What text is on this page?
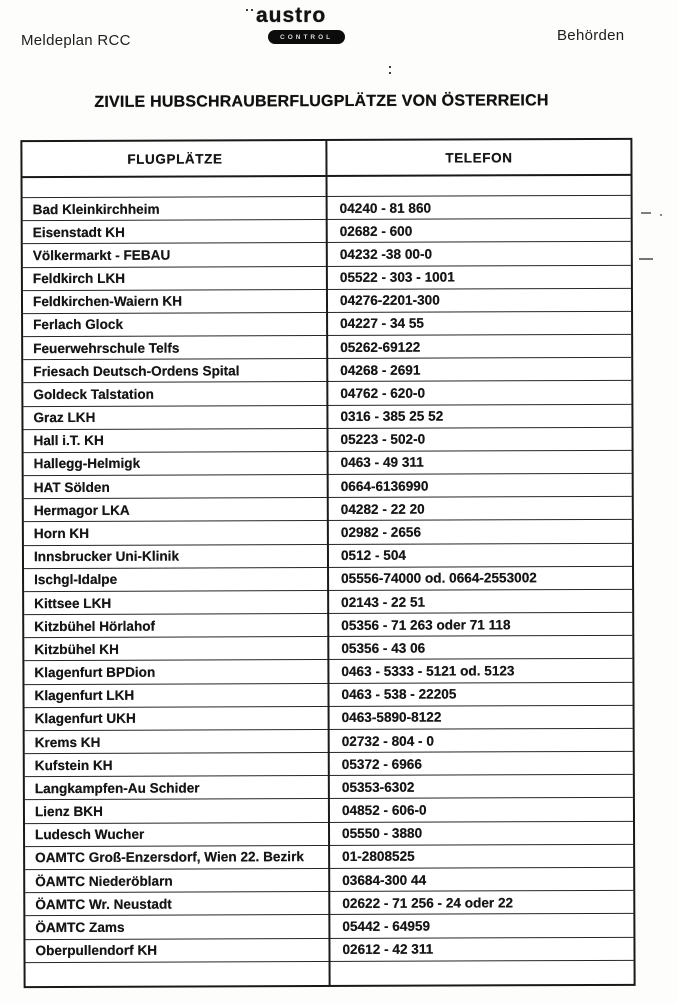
Meldeplan RCC
austro
CONTROL	Behörden
ZIVILE HUBSCHRAUBERFLUGPLÄTZE VON ÖSTERREICH
FLUGPLÄTZE	TELEFON
Bad Kleinkirchheim	04240 - 81 860
Eisenstadt KH	02682 - 600
Völkermarkt - FEBAU	04232 -38 00-0
Feldkirch LKH	05522 - 303 - 1001
Feldkirchen-Waiern KH	04276-2201-300
Ferlach Glock	04227 - 34 55
Feuerwehrschule Telfs	05262-69122
Friesach Deutsch-Ordens Spital	04268 - 2691
Goldeck Talstation	04762 - 620-0
Graz LKH	0316 - 385 25 52
Hall i.T. KH	05223 - 502-0
Hallegg-Helmigk	0463 - 49 311
HAT Sölden	0664-6136990
Hermagor LKA	04282 - 22 20
Horn KH	02982 - 2656
Innsbrucker Uni-Klinik	0512 - 504
Ischgl-Idalpe	05556-74000 od. 0664-2553002
Kittsee LKH	02143 - 22 51
Kitzbühel Hörlahof	05356 - 71 263 oder 71 118
Kitzbühel KH	05356 - 43 06
Klagenfurt BPDion	0463 - 5333 - 5121 od. 5123
Klagenfurt LKH	0463 - 538 - 22205
Klagenfurt UKH	0463-5890-8122
Krems KH	02732 - 804 - 0
Kufstein KH	05372 - 6966
Langkampfen-Au Schider	05353-6302
Lienz BKH	04852 - 606-0
Ludesch Wucher	05550 - 3880
OAMTC Groß-Enzersdorf, Wien 22. Bezirk	01-2808525
ÖAMTC Niederöblarn	03684-300 44
ÖAMTC Wr. Neustadt	02622 - 71 256 - 24 oder 22
ÖAMTC Zams	05442 - 64959
Oberpullendorf KH	02612 - 42 311
